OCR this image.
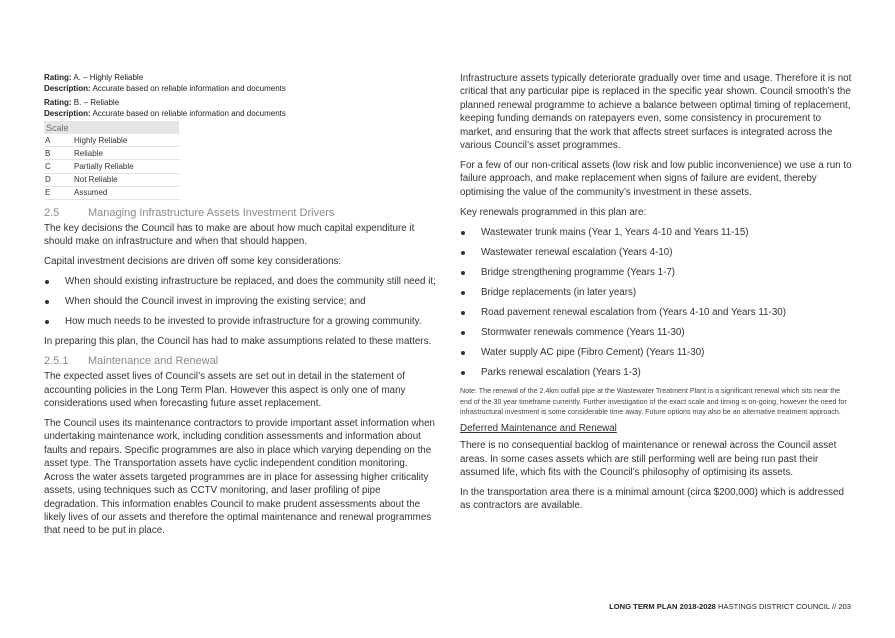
Rating: A. – Highly Reliable

Description: Accurate based on reliable information and documents

Rating: B. – Reliable

Description: Accurate based on reliable information and documents

Scale	
A	Highly Reliable
B	Reliable
C	Partially Reliable
D	Not Reliable
E	Assumed
2.5	Managing Infrastructure Assets Investment Drivers

The key decisions the Council has to make are about how much capital expenditure it should make on infrastructure and when that should happen.

Capital investment decisions are driven off some key considerations:

When should existing infrastructure be replaced, and does the community still need it;
When should the Council invest in improving the existing service; and
How much needs to be invested to provide infrastructure for a growing community.

In preparing this plan, the Council has had to make assumptions related to these matters.

2.5.1	Maintenance and Renewal

The expected asset lives of Council’s assets are set out in detail in the statement of accounting policies in the Long Term Plan. However this aspect is only one of many considerations used when forecasting future asset replacement.

The Council uses its maintenance contractors to provide important asset information when undertaking maintenance work, including condition assessments and information about faults and repairs. Specific programmes are also in place which varying depending on the asset type. The Transportation assets have cyclic independent condition monitoring. Across the water assets targeted programmes are in place for assessing higher criticality assets, using techniques such as CCTV monitoring, and laser profiling of pipe degradation. This information enables Council to make prudent assessments about the likely lives of our assets and therefore the optimal maintenance and renewal programmes that need to be put in place.

Infrastructure assets typically deteriorate gradually over time and usage. Therefore it is not critical that any particular pipe is replaced in the specific year shown. Council smooth’s the planned renewal programme to achieve a balance between optimal timing of replacement, keeping funding demands on ratepayers even, some consistency in procurement to market, and ensuring that the work that affects street surfaces is integrated across the various Council’s asset programmes.

For a few of our non-critical assets (low risk and low public inconvenience) we use a run to failure approach, and make replacement when signs of failure are evident, thereby optimising the value of the community’s investment in these assets.

Key renewals programmed in this plan are:

Wastewater trunk mains (Year 1, Years 4-10 and Years 11-15)
Wastewater renewal escalation (Years 4-10)
Bridge strengthening programme (Years 1-7)
Bridge replacements (in later years)
Road pavement renewal escalation from (Years 4-10 and Years 11-30)
Stormwater renewals commence (Years 11-30)
Water supply AC pipe (Fibro Cement) (Years 11-30)
Parks renewal escalation (Years 1-3)

Note: The renewal of the 2.4km outfall pipe at the Wastewater Treatment Plant is a significant renewal which sits near the end of the 30 year timeframe currently. Further investigation of the exact scale and timing is on-going, however the need for infrastructural investment is some considerable time away. Future options may also be an alternative treatment approach.

Deferred Maintenance and Renewal

There is no consequential backlog of maintenance or renewal across the Council asset areas. In some cases assets which are still performing well are being run past their assumed life, which fits with the Council’s philosophy of optimising its assets.

In the transportation area there is a minimal amount (circa $200,000) which is addressed as contractors are available.

LONG TERM PLAN 2018-2028 HASTINGS DISTRICT COUNCIL // 203
